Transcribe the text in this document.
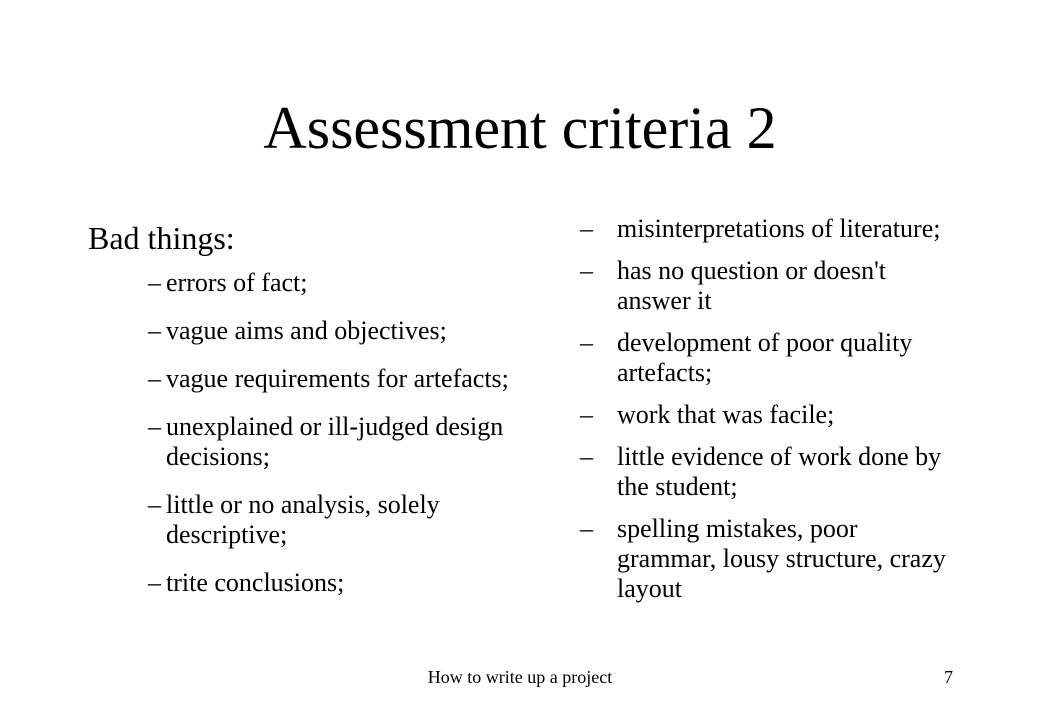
Assessment criteria 2
Bad things:
– errors of fact;
– vague aims and objectives;
– vague requirements for artefacts;
– unexplained or ill-judged design decisions;
– little or no analysis, solely descriptive;
– trite conclusions;
– misinterpretations of literature;
– has no question or doesn't answer it
– development of poor quality artefacts;
– work that was facile;
– little evidence of work done by the student;
– spelling mistakes, poor grammar, lousy structure, crazy layout
How to write up a project	7
